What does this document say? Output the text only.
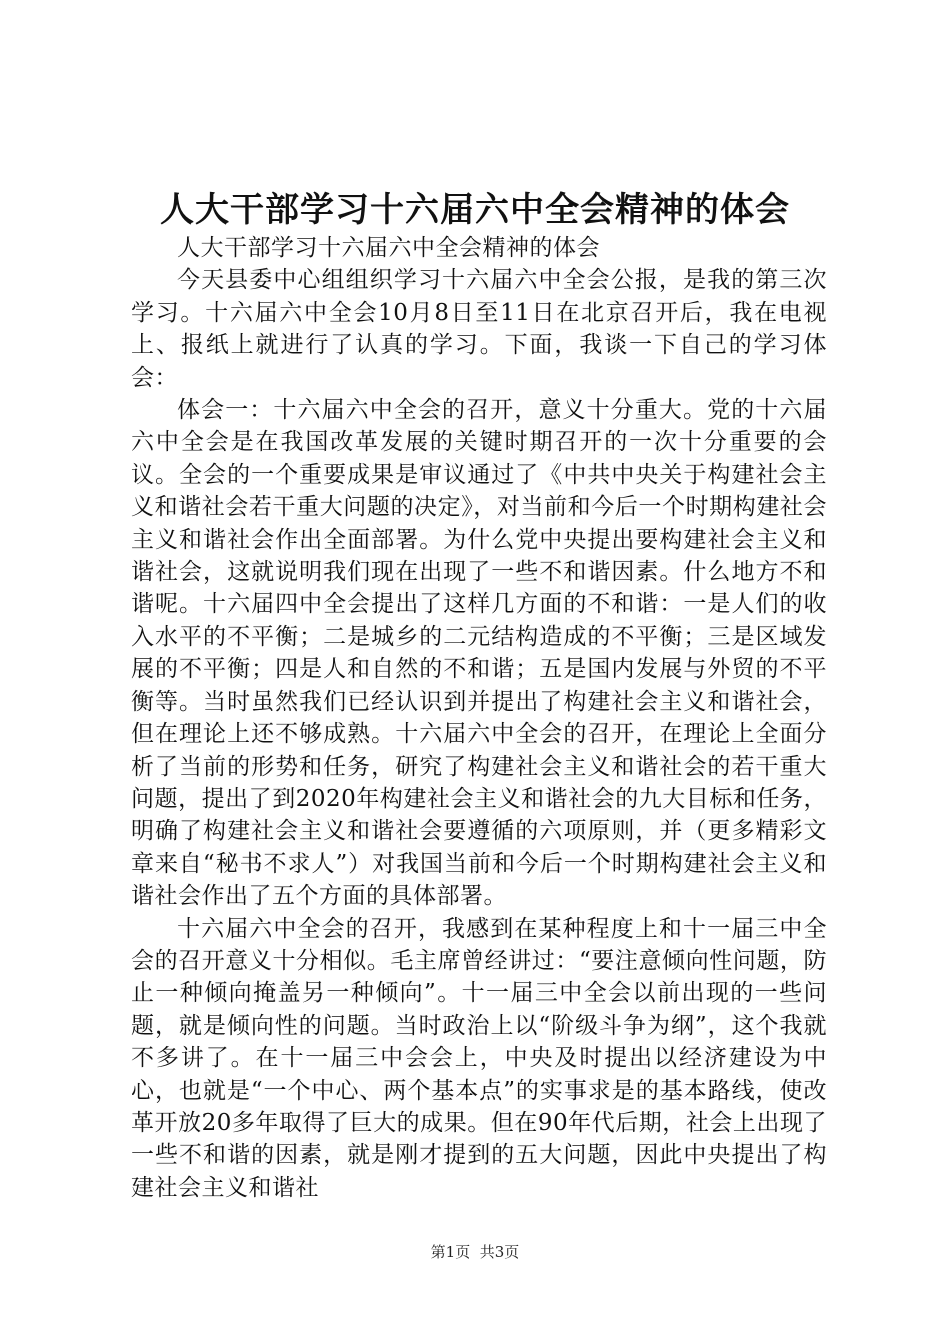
人大干部学习十六届六中全会精神的体会

人大干部学习十六届六中全会精神的体会

今天县委中心组组织学习十六届六中全会公报，是我的第三次学习。十六届六中全会10月8日至11日在北京召开后，我在电视上、报纸上就进行了认真的学习。下面，我谈一下自己的学习体会：

体会一：十六届六中全会的召开，意义十分重大。党的十六届六中全会是在我国改革发展的关键时期召开的一次十分重要的会议。全会的一个重要成果是审议通过了《中共中央关于构建社会主义和谐社会若干重大问题的决定》，对当前和今后一个时期构建社会主义和谐社会作出全面部署。为什么党中央提出要构建社会主义和谐社会，这就说明我们现在出现了一些不和谐因素。什么地方不和谐呢。十六届四中全会提出了这样几方面的不和谐：一是人们的收入水平的不平衡；二是城乡的二元结构造成的不平衡；三是区域发展的不平衡；四是人和自然的不和谐；五是国内发展与外贸的不平衡等。当时虽然我们已经认识到并提出了构建社会主义和谐社会，但在理论上还不够成熟。十六届六中全会的召开，在理论上全面分析了当前的形势和任务，研究了构建社会主义和谐社会的若干重大问题，提出了到2020年构建社会主义和谐社会的九大目标和任务，明确了构建社会主义和谐社会要遵循的六项原则，并（更多精彩文章来自“秘书不求人”）对我国当前和今后一个时期构建社会主义和谐社会作出了五个方面的具体部署。

十六届六中全会的召开，我感到在某种程度上和十一届三中全会的召开意义十分相似。毛主席曾经讲过：“要注意倾向性问题，防止一种倾向掩盖另一种倾向”。十一届三中全会以前出现的一些问题，就是倾向性的问题。当时政治上以“阶级斗争为纲”，这个我就不多讲了。在十一届三中会会上，中央及时提出以经济建设为中心，也就是“一个中心、两个基本点”的实事求是的基本路线，使改革开放20多年取得了巨大的成果。但在90年代后期，社会上出现了一些不和谐的因素，就是刚才提到的五大问题，因此中央提出了构建社会主义和谐社

第1页 共3页
